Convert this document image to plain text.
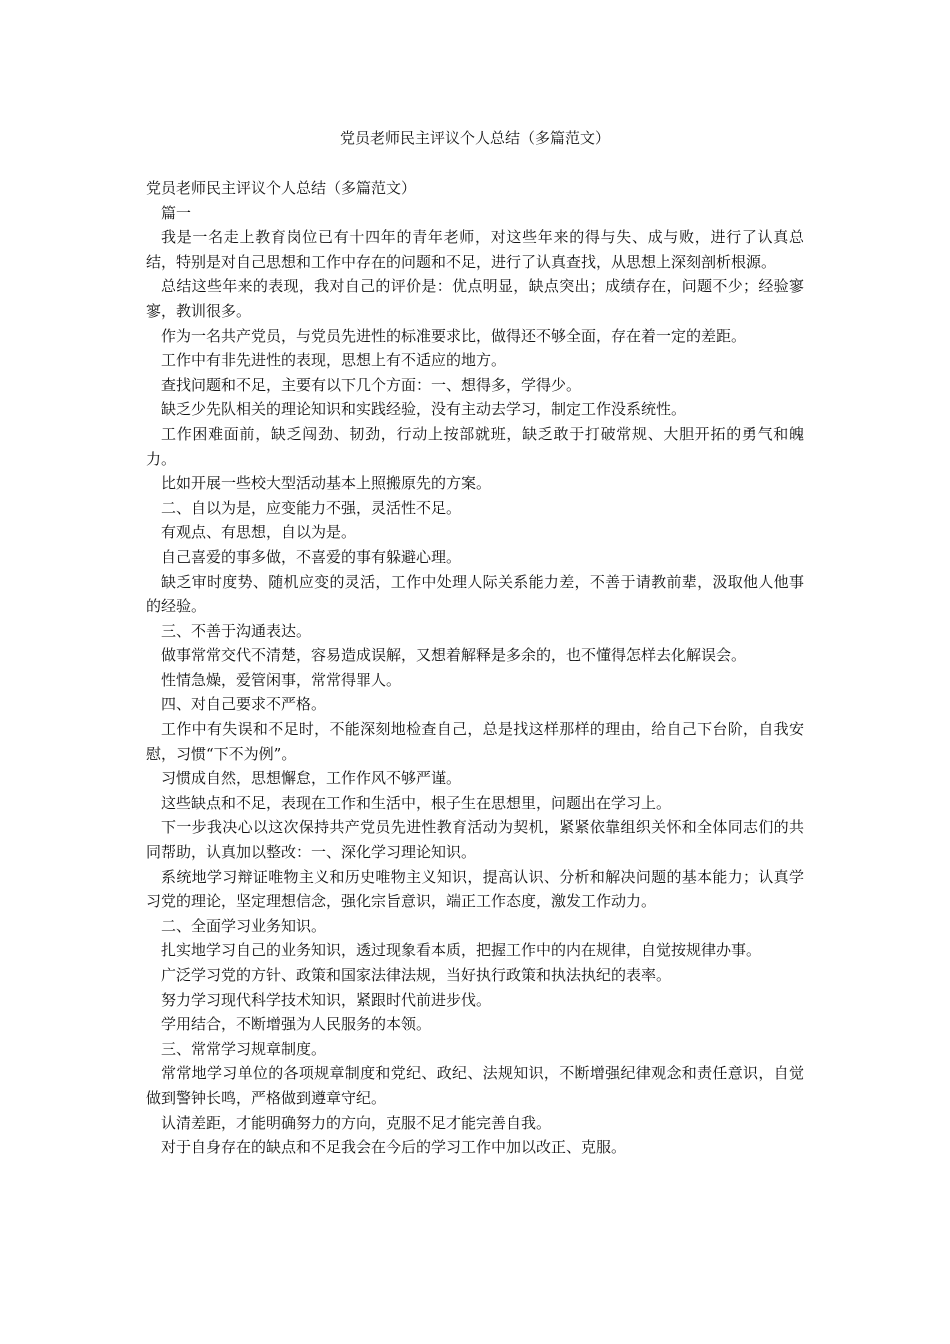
党员老师民主评议个人总结（多篇范文）
党员老师民主评议个人总结（多篇范文）

篇一

我是一名走上教育岗位已有十四年的青年老师，对这些年来的得与失、成与败，进行了认真总结，特别是对自己思想和工作中存在的问题和不足，进行了认真查找，从思想上深刻剖析根源。

总结这些年来的表现，我对自己的评价是：优点明显，缺点突出；成绩存在，问题不少；经验寥寥，教训很多。

作为一名共产党员，与党员先进性的标准要求比，做得还不够全面，存在着一定的差距。

工作中有非先进性的表现，思想上有不适应的地方。

查找问题和不足，主要有以下几个方面：一、想得多，学得少。

缺乏少先队相关的理论知识和实践经验，没有主动去学习，制定工作没系统性。

工作困难面前，缺乏闯劲、韧劲，行动上按部就班，缺乏敢于打破常规、大胆开拓的勇气和魄力。

比如开展一些校大型活动基本上照搬原先的方案。

二、自以为是，应变能力不强，灵活性不足。

有观点、有思想，自以为是。

自己喜爱的事多做，不喜爱的事有躲避心理。

缺乏审时度势、随机应变的灵活，工作中处理人际关系能力差，不善于请教前辈，汲取他人他事的经验。

三、不善于沟通表达。

做事常常交代不清楚，容易造成误解，又想着解释是多余的，也不懂得怎样去化解误会。

性情急燥，爱管闲事，常常得罪人。

四、对自己要求不严格。

工作中有失误和不足时，不能深刻地检查自己，总是找这样那样的理由，给自己下台阶，自我安慰，习惯“下不为例”。

习惯成自然，思想懈怠，工作作风不够严谨。

这些缺点和不足，表现在工作和生活中，根子生在思想里，问题出在学习上。

下一步我决心以这次保持共产党员先进性教育活动为契机，紧紧依靠组织关怀和全体同志们的共同帮助，认真加以整改：一、深化学习理论知识。

系统地学习辩证唯物主义和历史唯物主义知识，提高认识、分析和解决问题的基本能力；认真学习党的理论，坚定理想信念，强化宗旨意识，端正工作态度，激发工作动力。

二、全面学习业务知识。

扎实地学习自己的业务知识，透过现象看本质，把握工作中的内在规律，自觉按规律办事。

广泛学习党的方针、政策和国家法律法规，当好执行政策和执法执纪的表率。

努力学习现代科学技术知识，紧跟时代前进步伐。

学用结合，不断增强为人民服务的本领。

三、常常学习规章制度。

常常地学习单位的各项规章制度和党纪、政纪、法规知识，不断增强纪律观念和责任意识，自觉做到警钟长鸣，严格做到遵章守纪。

认清差距，才能明确努力的方向，克服不足才能完善自我。

对于自身存在的缺点和不足我会在今后的学习工作中加以改正、克服。
